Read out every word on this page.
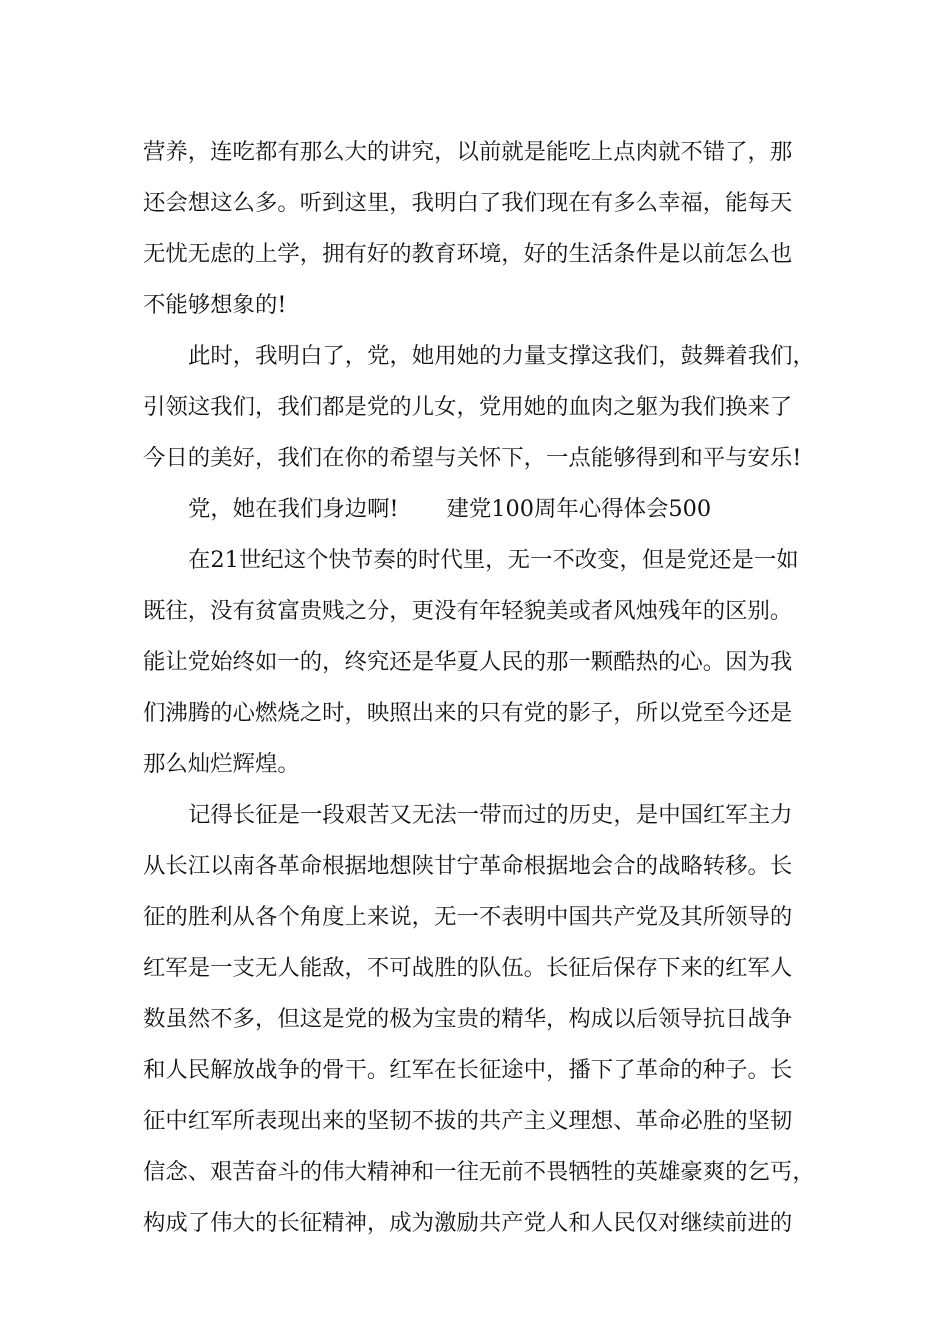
营养，连吃都有那么大的讲究，以前就是能吃上点肉就不错了，那
还会想这么多。听到这里，我明白了我们现在有多么幸福，能每天
无忧无虑的上学，拥有好的教育环境，好的生活条件是以前怎么也
不能够想象的!

此时，我明白了，党，她用她的力量支撑这我们，鼓舞着我们，
引领这我们，我们都是党的儿女，党用她的血肉之躯为我们换来了
今日的美好，我们在你的希望与关怀下，一点能够得到和平与安乐!

党，她在我们身边啊! 建党100周年心得体会500

在21世纪这个快节奏的时代里，无一不改变，但是党还是一如
既往，没有贫富贵贱之分，更没有年轻貌美或者风烛残年的区别。
能让党始终如一的，终究还是华夏人民的那一颗酷热的心。因为我
们沸腾的心燃烧之时，映照出来的只有党的影子，所以党至今还是
那么灿烂辉煌。

记得长征是一段艰苦又无法一带而过的历史，是中国红军主力
从长江以南各革命根据地想陕甘宁革命根据地会合的战略转移。长
征的胜利从各个角度上来说，无一不表明中国共产党及其所领导的
红军是一支无人能敌，不可战胜的队伍。长征后保存下来的红军人
数虽然不多，但这是党的极为宝贵的精华，构成以后领导抗日战争
和人民解放战争的骨干。红军在长征途中，播下了革命的种子。长
征中红军所表现出来的坚韧不拔的共产主义理想、革命必胜的坚韧
信念、艰苦奋斗的伟大精神和一往无前不畏牺牲的英雄豪爽的乞丐，
构成了伟大的长征精神，成为激励共产党人和人民仅对继续前进的
